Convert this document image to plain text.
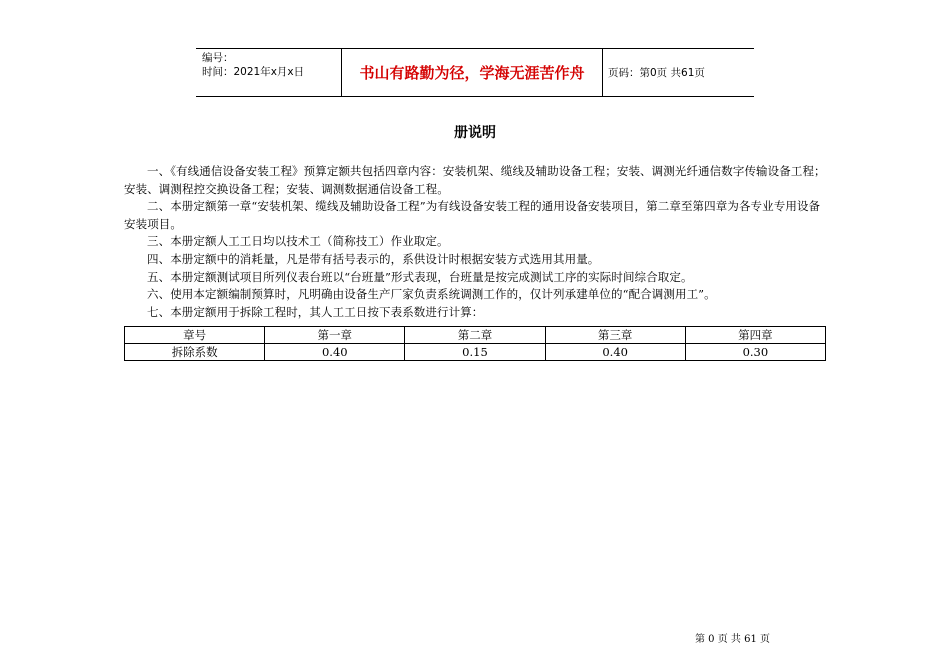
编号：
时间：2021年x月x日	书山有路勤为径，学海无涯苦作舟	页码：第0页 共61页
册说明

一、《有线通信设备安装工程》预算定额共包括四章内容：安装机架、缆线及辅助设备工程；安装、调测光纤通信数字传输设备工程；安装、调测程控交换设备工程；安装、调测数据通信设备工程。

二、本册定额第一章“安装机架、缆线及辅助设备工程”为有线设备安装工程的通用设备安装项目，第二章至第四章为各专业专用设备安装项目。

三、本册定额人工工日均以技术工（简称技工）作业取定。

四、本册定额中的消耗量，凡是带有括号表示的，系供设计时根据安装方式选用其用量。

五、本册定额测试项目所列仪表台班以“台班量”形式表现，台班量是按完成测试工序的实际时间综合取定。

六、使用本定额编制预算时，凡明确由设备生产厂家负责系统调测工作的，仅计列承建单位的“配合调测用工”。

七、本册定额用于拆除工程时，其人工工日按下表系数进行计算：

章号	第一章	第二章	第三章	第四章
拆除系数	0.40	0.15	0.40	0.30
第 0 页 共 61 页
